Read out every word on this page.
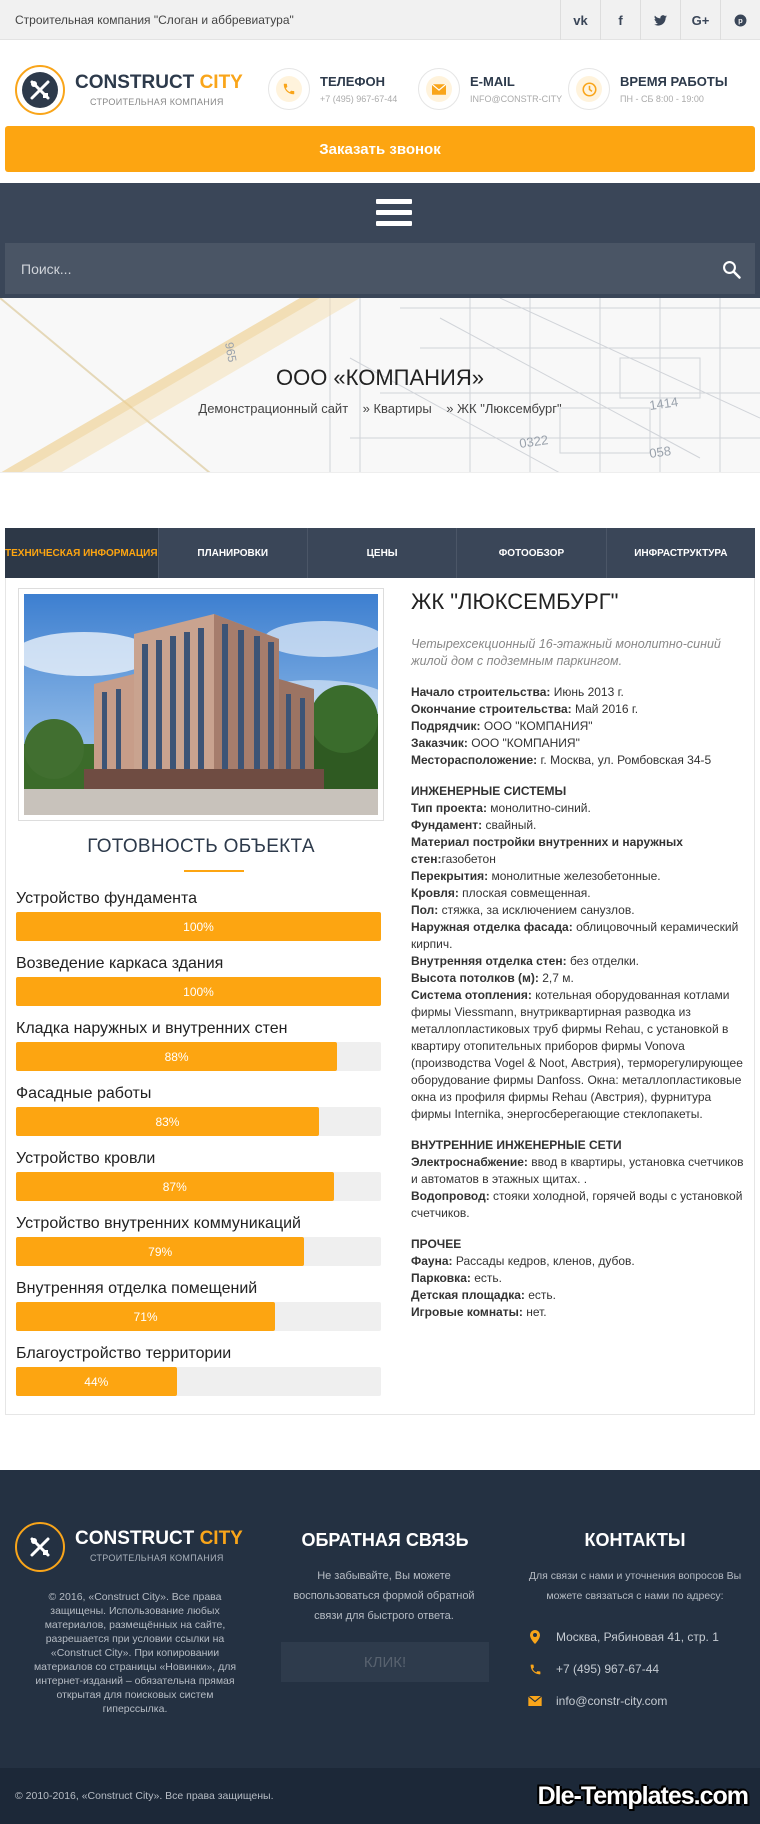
Строительная компания "Слоган и аббревиатура"	vk	f	G+	p
CONSTRUCT CITY
СТРОИТЕЛЬНАЯ КОМПАНИЯ
ТЕЛЕФОН
+7 (495) 967-67-44
E-MAIL
INFO@CONSTR-CITY
ВРЕМЯ РАБОТЫ
ПН - СБ 8:00 - 19:00
Заказать звонок
Поиск...
1414
058
0322
965
ООО «КОМПАНИЯ»
Демонстрационный сайт » Квартиры » ЖК "Люксембург"
ТЕХНИЧЕСКАЯ ИНФОРМАЦИЯ	ПЛАНИРОВКИ	ЦЕНЫ	ФОТООБЗОР	ИНФРАСТРУКТУРА
ГОТОВНОСТЬ ОБЪЕКТА
Устройство фундамента
100%
Возведение каркаса здания
100%
Кладка наружных и внутренних стен
88%
Фасадные работы
83%
Устройство кровли
87%
Устройство внутренних коммуникаций
79%
Внутренняя отделка помещений
71%
Благоустройство территории
44%
ЖК "ЛЮКСЕМБУРГ"
Четырехсекционный 16-этажный монолитно-синий жилой дом с подземным паркингом.

Начало строительства: Июнь 2013 г.

Окончание строительства: Май 2016 г.

Подрядчик: ООО "КОМПАНИЯ"

Заказчик: ООО "КОМПАНИЯ"

Месторасположение: г. Москва, ул. Ромбовская 34-5

ИНЖЕНЕРНЫЕ СИСТЕМЫ

Тип проекта: монолитно-синий.

Фундамент: свайный.

Материал постройки внутренних и наружных стен:газобетон

Перекрытия: монолитные железобетонные.

Кровля: плоская совмещенная.

Пол: стяжка, за исключением санузлов.

Наружная отделка фасада: облицовочный керамический кирпич.

Внутренняя отделка стен: без отделки.

Высота потолков (м): 2,7 м.

Система отопления: котельная оборудованная котлами фирмы Viessmann, внутриквартирная разводка из металлопластиковых труб фирмы Rehau, с установкой в квартиру отопительных приборов фирмы Vonova (производства Vogel & Noot, Австрия), терморегулирующее оборудование фирмы Danfoss. Окна: металлопластиковые окна из профиля фирмы Rehau (Австрия), фурнитура фирмы Internika, энергосберегающие стеклопакеты.

ВНУТРЕННИЕ ИНЖЕНЕРНЫЕ СЕТИ

Электроснабжение: ввод в квартиры, установка счетчиков и автоматов в этажных щитах. .

Водопровод: стояки холодной, горячей воды с установкой счетчиков.

ПРОЧЕЕ

Фауна: Рассады кедров, кленов, дубов.

Парковка: есть.

Детская площадка: есть.

Игровые комнаты: нет.

CONSTRUCT CITY
СТРОИТЕЛЬНАЯ КОМПАНИЯ
© 2016, «Construct City». Все права защищены. Использование любых материалов, размещённых на сайте, разрешается при условии ссылки на «Construct City». При копировании материалов со страницы «Новинки», для интернет-изданий – обязательна прямая открытая для поисковых систем гиперссылка.
ОБРАТНАЯ СВЯЗЬ
Не забывайте, Вы можете воспользоваться формой обратной связи для быстрого ответа.
КЛИК!
КОНТАКТЫ
Для связи с нами и уточнения вопросов Вы можете связаться с нами по адресу:
Москва, Рябиновая 41, стр. 1
+7 (495) 967-67-44
info@constr-city.com
© 2010-2016, «Construct City». Все права защищены.	Dle-Templates.com
